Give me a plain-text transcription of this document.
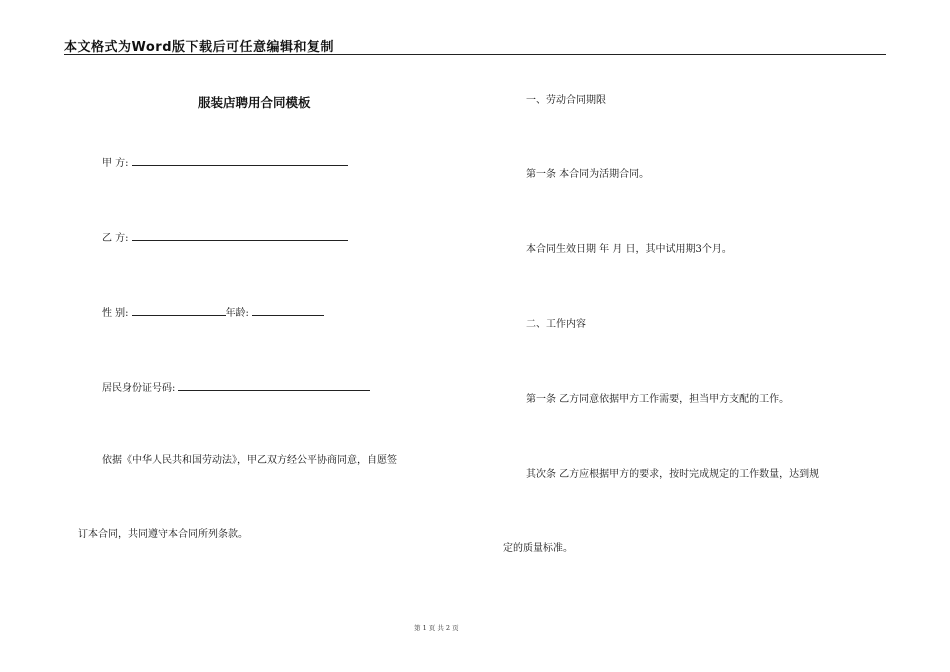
本文格式为Word版下载后可任意编辑和复制
服装店聘用合同模板
甲 方:
乙 方:
性 别:	年龄:
居民身份证号码:
依据《中华人民共和国劳动法》，甲乙双方经公平协商同意，自愿签
订本合同，共同遵守本合同所列条款。
一、劳动合同期限
第一条 本合同为活期合同。
本合同生效日期 年 月 日，其中试用期3个月。
二、工作内容
第一条 乙方同意依据甲方工作需要，担当甲方支配的工作。
其次条 乙方应根据甲方的要求，按时完成规定的工作数量，达到规
定的质量标准。
第 1 页 共 2 页
